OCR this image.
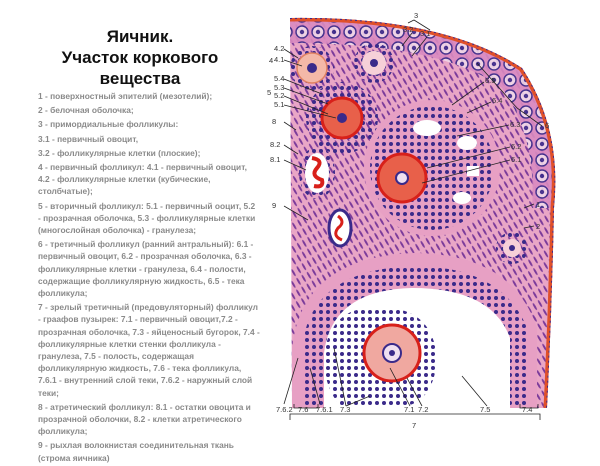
Яичник.
Участок коркового
вещества

1 - поверхностный эпителий (мезотелий);

2 - белочная оболочка;

3 - примордиальные фолликулы:

3.1 - первичный овоцит,

3.2 - фолликулярные клетки (плоские);

4 - первичный фолликул: 4.1 - первичный овоцит, 4.2 - фолликулярные клетки (кубические, столбчатые);

5 - вторичный фолликул: 5.1 - первичный ооцит, 5.2 - прозрачная оболочка, 5.3 - фолликулярные клетки (многослойная оболочка) - гранулеза;

6 - третичный фолликул (ранний антральный): 6.1 - первичный овоцит, 6.2 - прозрачная оболочка, 6.3 - фолликулярные клетки - гранулеза, 6.4 - полости, содержащие фолликулярную жидкость, 6.5 - тека фолликула;

7 - зрелый третичный (предовуляторный) фолликул - граафов пузырек: 7.1 - первичный овоцит,7.2 - прозрачная оболочка, 7.3 - яйценосный бугорок, 7.4 - фолликулярные клетки стенки фолликула - гранулеза, 7.5 - полость, содержащая фолликулярную жидкость, 7.6 - тека фолликула, 7.6.1 - внутренний слой теки, 7.6.2 - наружный слой теки;

8 - атретический фолликул: 8.1 - остатки овоцита и прозрачной оболочки, 8.2 - клетки атретического фолликула;

9 - рыхлая волокнистая соединительная ткань (строма яичника)

4
4.2
4.1
5
5.4
5.3
5.2
5.1
3
3.2 3.1
6
6.5
6.4
6.3
6.2
6.1
1
2
8
8.2
8.1
9
7.6.2 7.6 7.6.1 7.3	7.1 7.2	7.5	7.4
7
